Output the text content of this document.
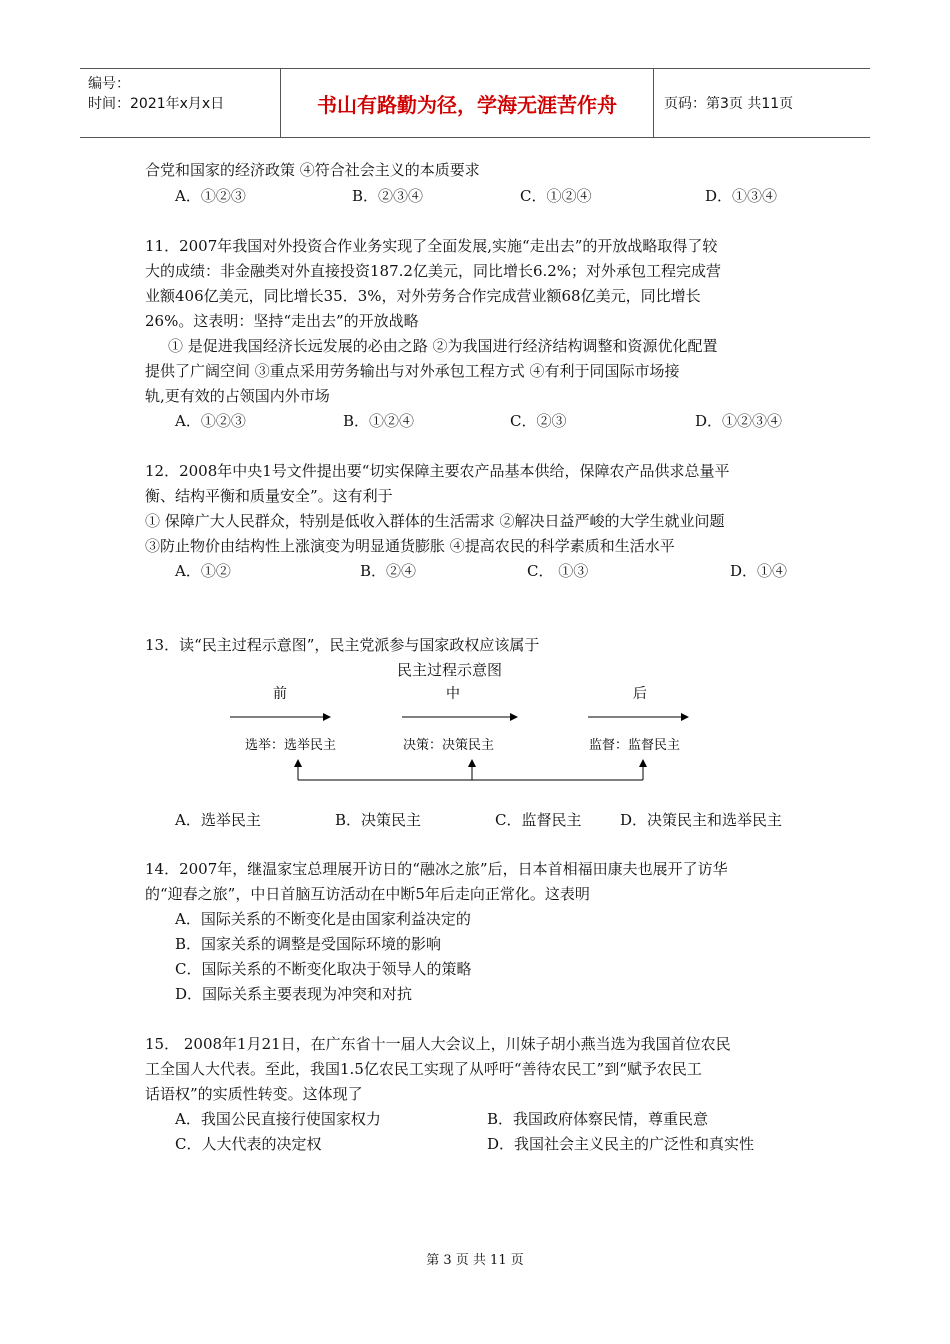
编号：
时间：2021年x月x日	书山有路勤为径，学海无涯苦作舟	页码：第3页 共11页
合党和国家的经济政策 ④符合社会主义的本质要求
A．①②③	B．②③④	C．①②④	D．①③④
11．2007年我国对外投资合作业务实现了全面发展,实施“走出去”的开放战略取得了较
大的成绩：非金融类对外直接投资187.2亿美元，同比增长6.2%；对外承包工程完成营
业额406亿美元，同比增长35．3%，对外劳务合作完成营业额68亿美元，同比增长
26%。这表明：坚持“走出去”的开放战略
① 是促进我国经济长远发展的必由之路 ②为我国进行经济结构调整和资源优化配置
提供了广阔空间 ③重点采用劳务输出与对外承包工程方式 ④有利于同国际市场接
轨,更有效的占领国内外市场
A．①②③	B．①②④	C．②③	D．①②③④
12．2008年中央1号文件提出要“切实保障主要农产品基本供给，保障农产品供求总量平
衡、结构平衡和质量安全”。这有利于
① 保障广大人民群众，特别是低收入群体的生活需求 ②解决日益严峻的大学生就业问题
③防止物价由结构性上涨演变为明显通货膨胀 ④提高农民的科学素质和生活水平
A．①②	B．②④	C． ①③	D．①④
13．读“民主过程示意图”，民主党派参与国家政权应该属于
民主过程示意图
前	中	后
选举：选举民主	决策：决策民主	监督：监督民主
A．选举民主	B．决策民主	C．监督民主	D．决策民主和选举民主
14．2007年，继温家宝总理展开访日的“融冰之旅”后，日本首相福田康夫也展开了访华
的“迎春之旅”，中日首脑互访活动在中断5年后走向正常化。这表明
A．国际关系的不断变化是由国家利益决定的
B．国家关系的调整是受国际环境的影响
C．国际关系的不断变化取决于领导人的策略
D．国际关系主要表现为冲突和对抗
15． 2008年1月21日，在广东省十一届人大会议上，川妹子胡小燕当选为我国首位农民
工全国人大代表。至此，我国1.5亿农民工实现了从呼吁“善待农民工”到“赋予农民工
话语权”的实质性转变。这体现了
A．我国公民直接行使国家权力	B．我国政府体察民情，尊重民意
C．人大代表的决定权	D．我国社会主义民主的广泛性和真实性
第 3 页 共 11 页
